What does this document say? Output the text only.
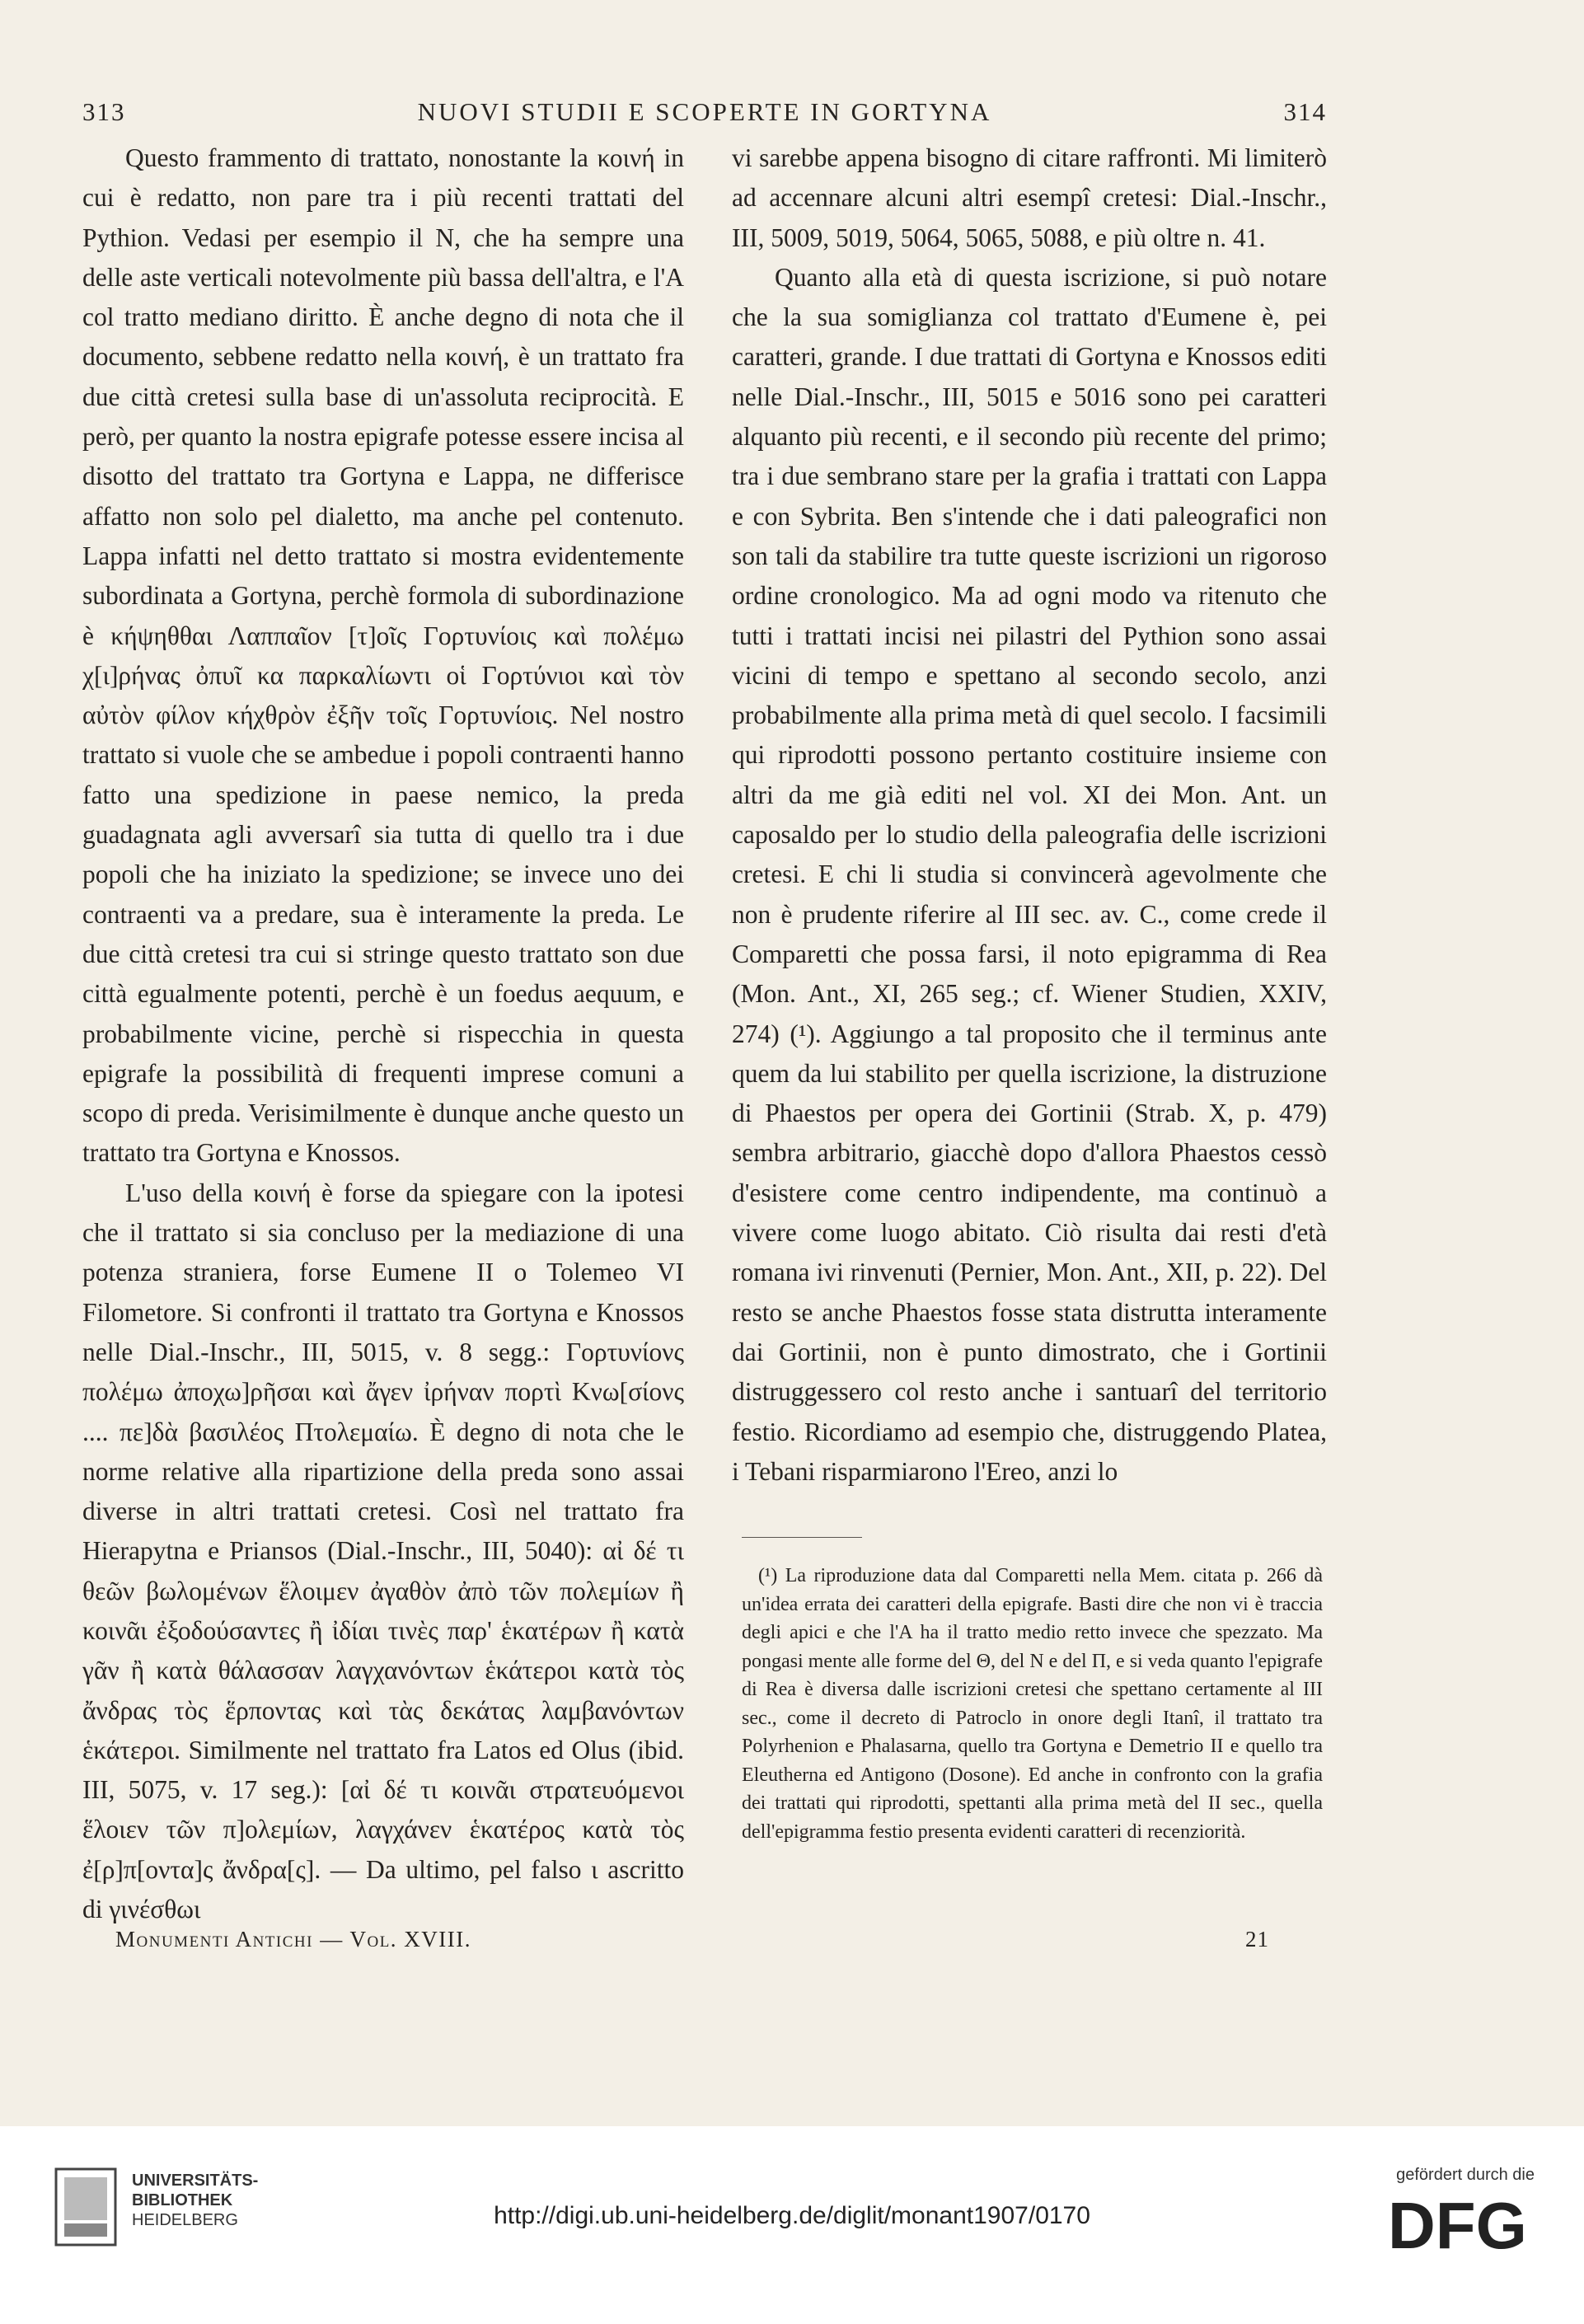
313	NUOVI STUDII E SCOPERTE IN GORTYNA	314

Questo frammento di trattato, nonostante la κοινή in cui è redatto, non pare tra i più recenti trattati del Pythion. Vedasi per esempio il N, che ha sempre una delle aste verticali notevolmente più bassa dell'altra, e l'A col tratto mediano diritto. È anche degno di nota che il documento, sebbene redatto nella κοινή, è un trattato fra due città cretesi sulla base di un'assoluta reciprocità. E però, per quanto la nostra epigrafe potesse essere incisa al disotto del trattato tra Gortyna e Lappa, ne differisce affatto non solo pel dialetto, ma anche pel contenuto. Lappa infatti nel detto trattato si mostra evidentemente subordinata a Gortyna, perchè formola di subordinazione è κήψηθθαι Λαππαῖον [τ]οῖς Γορτυνίοις καὶ πολέμω χ[ι]ρήνας ὀπυῖ κα παρκαλίωντι οἱ Γορτύνιοι καὶ τὸν αὐτὸν φίλον κήχθρὸν ἐξῆν τοῖς Γορτυνίοις. Nel nostro trattato si vuole che se ambedue i popoli contraenti hanno fatto una spedizione in paese nemico, la preda guadagnata agli avversarî sia tutta di quello tra i due popoli che ha iniziato la spedizione; se invece uno dei contraenti va a predare, sua è interamente la preda. Le due città cretesi tra cui si stringe questo trattato son due città egualmente potenti, perchè è un foedus aequum, e probabilmente vicine, perchè si rispecchia in questa epigrafe la possibilità di frequenti imprese comuni a scopo di preda. Verisimilmente è dunque anche questo un trattato tra Gortyna e Knossos.

L'uso della κοινή è forse da spiegare con la ipotesi che il trattato si sia concluso per la mediazione di una potenza straniera, forse Eumene II o Tolemeo VI Filometore. Si confronti il trattato tra Gortyna e Knossos nelle Dial.-Inschr., III, 5015, v. 8 segg.: Γορτυνίονς πολέμω ἀποχω]ρῆσαι καὶ ἄγεν ἰρήναν πορτὶ Κνω[σίονς .... πε]δὰ βασιλέος Πτολεμαίω. È degno di nota che le norme relative alla ripartizione della preda sono assai diverse in altri trattati cretesi. Così nel trattato fra Hierapytna e Priansos (Dial.-Inschr., III, 5040): αἰ δέ τι θεῶν βωλομένων ἕλοιμεν ἀγαθὸν ἀπὸ τῶν πολεμίων ἢ κοινᾶι ἐξοδούσαντες ἢ ἰδίαι τινὲς παρ' ἑκατέρων ἢ κατὰ γᾶν ἢ κατὰ θάλασσαν λαγχανόντων ἑκάτεροι κατὰ τὸς ἄνδρας τὸς ἕρποντας καὶ τὰς δεκάτας λαμβανόντων ἑκάτεροι. Similmente nel trattato fra Latos ed Olus (ibid. III, 5075, v. 17 seg.): [αἰ δέ τι κοινᾶι στρατευόμενοι ἕλοιεν τῶν π]ολεμίων, λαγχάνεν ἑκατέρος κατὰ τὸς ἐ[ρ]π[οντα]ς ἄνδρα[ς]. — Da ultimo, pel falso ι ascritto di γινέσθωι

vi sarebbe appena bisogno di citare raffronti. Mi limiterò ad accennare alcuni altri esempî cretesi: Dial.-Inschr., III, 5009, 5019, 5064, 5065, 5088, e più oltre n. 41.

Quanto alla età di questa iscrizione, si può notare che la sua somiglianza col trattato d'Eumene è, pei caratteri, grande. I due trattati di Gortyna e Knossos editi nelle Dial.-Inschr., III, 5015 e 5016 sono pei caratteri alquanto più recenti, e il secondo più recente del primo; tra i due sembrano stare per la grafia i trattati con Lappa e con Sybrita. Ben s'intende che i dati paleografici non son tali da stabilire tra tutte queste iscrizioni un rigoroso ordine cronologico. Ma ad ogni modo va ritenuto che tutti i trattati incisi nei pilastri del Pythion sono assai vicini di tempo e spettano al secondo secolo, anzi probabilmente alla prima metà di quel secolo. I facsimili qui riprodotti possono pertanto costituire insieme con altri da me già editi nel vol. XI dei Mon. Ant. un caposaldo per lo studio della paleografia delle iscrizioni cretesi. E chi li studia si convincerà agevolmente che non è prudente riferire al III sec. av. C., come crede il Comparetti che possa farsi, il noto epigramma di Rea (Mon. Ant., XI, 265 seg.; cf. Wiener Studien, XXIV, 274) (¹). Aggiungo a tal proposito che il terminus ante quem da lui stabilito per quella iscrizione, la distruzione di Phaestos per opera dei Gortinii (Strab. X, p. 479) sembra arbitrario, giacchè dopo d'allora Phaestos cessò d'esistere come centro indipendente, ma continuò a vivere come luogo abitato. Ciò risulta dai resti d'età romana ivi rinvenuti (Pernier, Mon. Ant., XII, p. 22). Del resto se anche Phaestos fosse stata distrutta interamente dai Gortinii, non è punto dimostrato, che i Gortinii distruggessero col resto anche i santuarî del territorio festio. Ricordiamo ad esempio che, distruggendo Platea, i Tebani risparmiarono l'Ereo, anzi lo

(¹) La riproduzione data dal Comparetti nella Mem. citata p. 266 dà un'idea errata dei caratteri della epigrafe. Basti dire che non vi è traccia degli apici e che l'A ha il tratto medio retto invece che spezzato. Ma pongasi mente alle forme del Θ, del N e del Π, e si veda quanto l'epigrafe di Rea è diversa dalle iscrizioni cretesi che spettano certamente al III sec., come il decreto di Patroclo in onore degli Itanî, il trattato tra Polyrhenion e Phalasarna, quello tra Gortyna e Demetrio II e quello tra Eleutherna ed Antigono (Dosone). Ed anche in confronto con la grafia dei trattati qui riprodotti, spettanti alla prima metà del II sec., quella dell'epigramma festio presenta evidenti caratteri di recenziorità.

Monumenti Antichi — Vol. XVIII.	21
UNIVERSITÄTS-
BIBLIOTHEK
HEIDELBERG	http://digi.ub.uni-heidelberg.de/diglit/monant1907/0170
gefördert durch die
DFG
